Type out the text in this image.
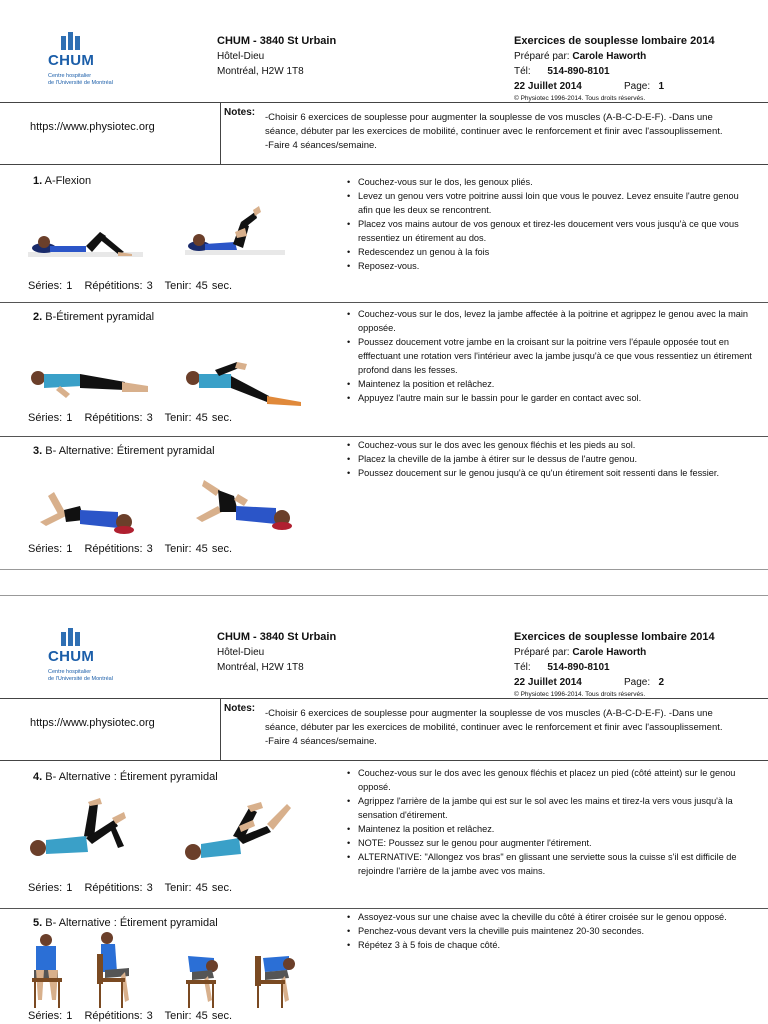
CHUM
Centre hospitalier
de l'Université de Montréal
CHUM - 3840 St Urbain
Hôtel-Dieu
Montréal, H2W 1T8
Exercices de souplesse lombaire 2014
Préparé par: Carole Haworth
Tél: 514-890-8101
22 Juillet 2014	Page: 1
© Physiotec 1996-2014. Tous droits réservés.
https://www.physiotec.org
Notes: -Choisir 6 exercices de souplesse pour augmenter la souplesse de vos muscles (A-B-C-D-E-F). -Dans une
séance, débuter par les exercices de mobilité, continuer avec le renforcement et finir avec l'assouplissement.
-Faire 4 séances/semaine.
1. A-Flexion
Séries: 1 Répétitions: 3 Tenir: 45 sec.
• Couchez-vous sur le dos, les genoux pliés.
• Levez un genou vers votre poitrine aussi loin que vous le pouvez. Levez ensuite l'autre genou afin que les deux se rencontrent.
• Placez vos mains autour de vos genoux et tirez-les doucement vers vous jusqu'à ce que vous ressentiez un étirement au dos.
• Redescendez un genou à la fois
• Reposez-vous.
2. B-Étirement pyramidal
Séries: 1 Répétitions: 3 Tenir: 45 sec.
• Couchez-vous sur le dos, levez la jambe affectée à la poitrine et agrippez le genou avec la main opposée.
• Poussez doucement votre jambe en la croisant sur la poitrine vers l'épaule opposée tout en efffectuant une rotation vers l'intérieur avec la jambe jusqu'à ce que vous ressentiez un étirement profond dans les fesses.
• Maintenez la position et relâchez.
• Appuyez l'autre main sur le bassin pour le garder en contact avec sol.
3. B- Alternative: Étirement pyramidal
Séries: 1 Répétitions: 3 Tenir: 45 sec.
• Couchez-vous sur le dos avec les genoux fléchis et les pieds au sol.
• Placez la cheville de la jambe à étirer sur le dessus de l'autre genou.
• Poussez doucement sur le genou jusqu'à ce qu'un étirement soit ressenti dans le fessier.
CHUM
Centre hospitalier
de l'Université de Montréal
CHUM - 3840 St Urbain
Hôtel-Dieu
Montréal, H2W 1T8
Exercices de souplesse lombaire 2014
Préparé par: Carole Haworth
Tél: 514-890-8101
22 Juillet 2014	Page: 2
© Physiotec 1996-2014. Tous droits réservés.
https://www.physiotec.org
Notes: -Choisir 6 exercices de souplesse pour augmenter la souplesse de vos muscles (A-B-C-D-E-F). -Dans une
séance, débuter par les exercices de mobilité, continuer avec le renforcement et finir avec l'assouplissement.
-Faire 4 séances/semaine.
4. B- Alternative : Étirement pyramidal
Séries: 1 Répétitions: 3 Tenir: 45 sec.
• Couchez-vous sur le dos avec les genoux fléchis et placez un pied (côté atteint) sur le genou opposé.
• Agrippez l'arrière de la jambe qui est sur le sol avec les mains et tirez-la vers vous jusqu'à la sensation d'étirement.
• Maintenez la position et relâchez.
• NOTE: Poussez sur le genou pour augmenter l'étirement.
• ALTERNATIVE: "Allongez vos bras" en glissant une serviette sous la cuisse s'il est difficile de rejoindre l'arrière de la jambe avec vos mains.
5. B- Alternative : Étirement pyramidal
Séries: 1 Répétitions: 3 Tenir: 45 sec.
• Assoyez-vous sur une chaise avec la cheville du côté à étirer croisée sur le genou opposé.
• Penchez-vous devant vers la cheville puis maintenez 20-30 secondes.
• Répétez 3 à 5 fois de chaque côté.
